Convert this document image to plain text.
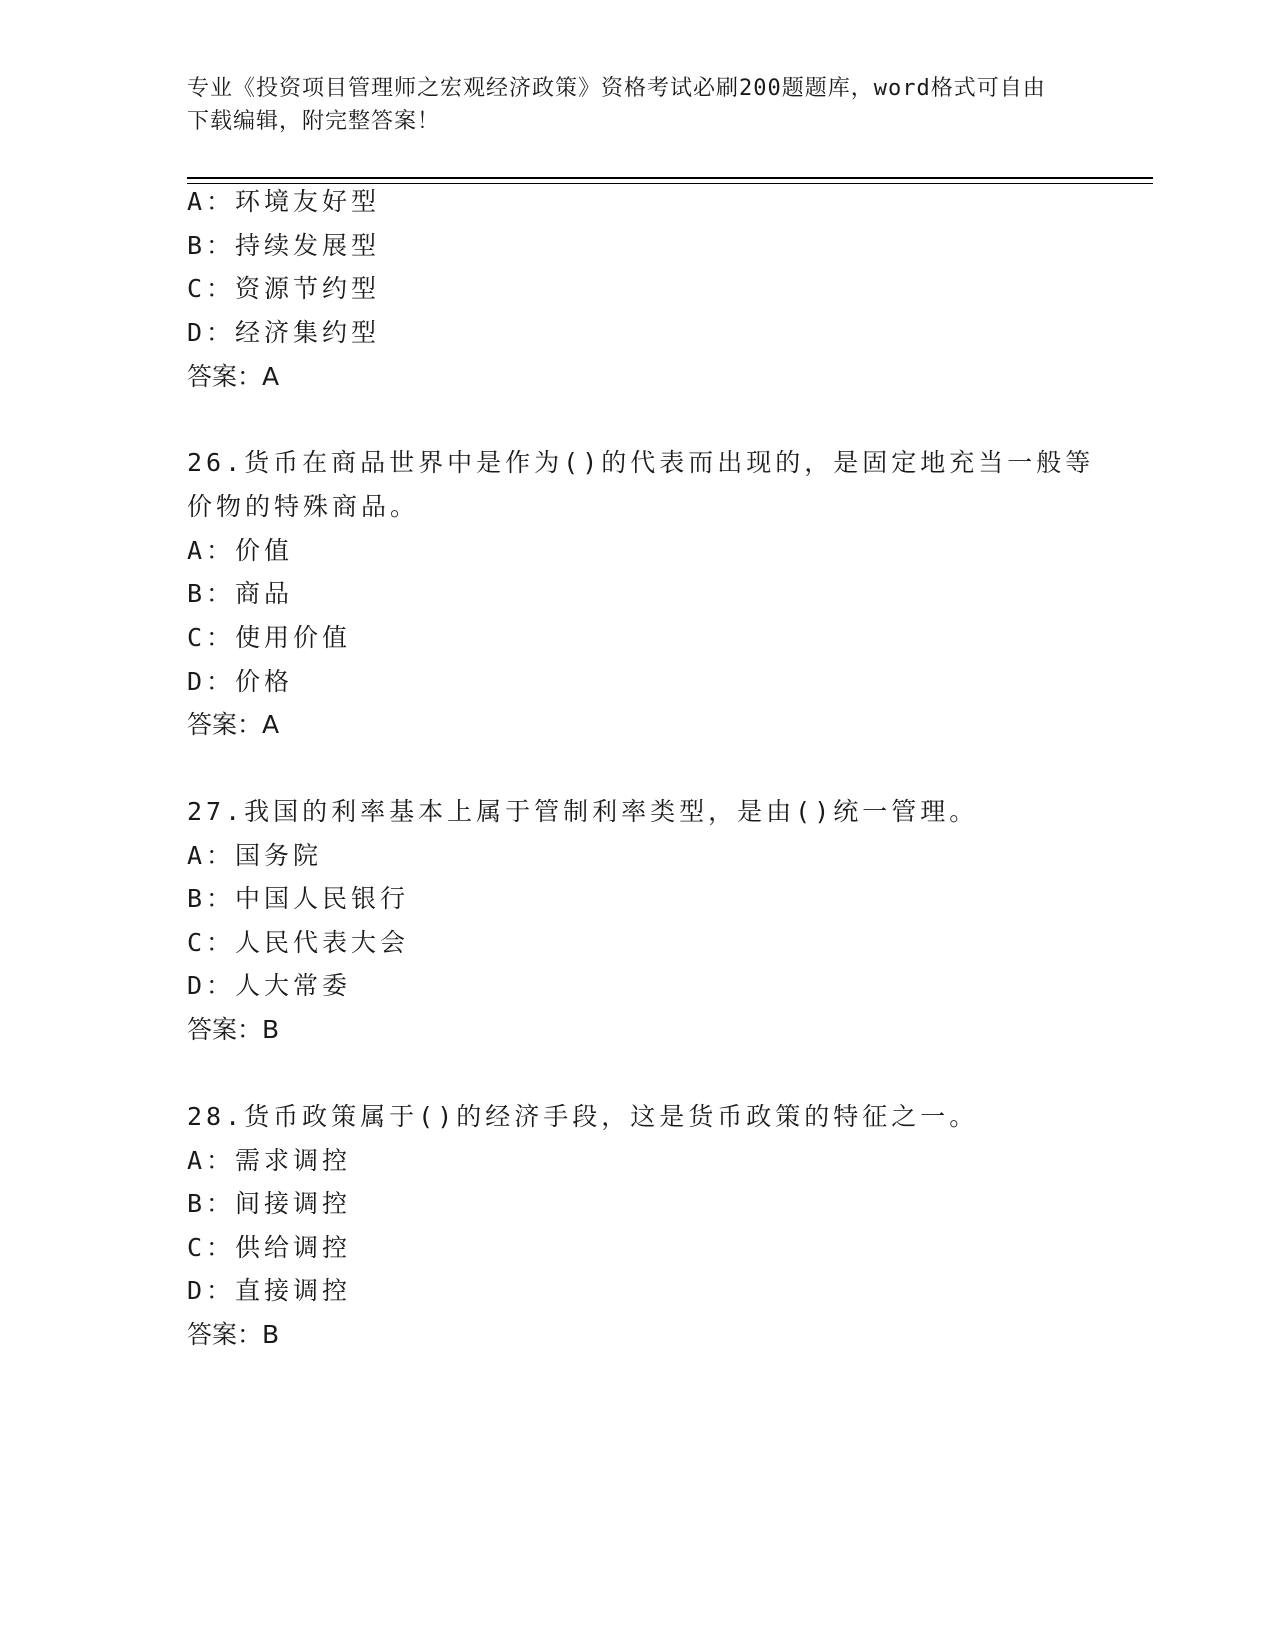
专业《投资项目管理师之宏观经济政策》资格考试必刷200题题库，word格式可自由下载编辑，附完整答案！
A：环境友好型
B：持续发展型
C：资源节约型
D：经济集约型
答案：A
26.货币在商品世界中是作为()的代表而出现的，是固定地充当一般等
价物的特殊商品。
A：价值
B：商品
C：使用价值
D：价格
答案：A
27.我国的利率基本上属于管制利率类型，是由()统一管理。
A：国务院
B：中国人民银行
C：人民代表大会
D：人大常委
答案：B
28.货币政策属于()的经济手段，这是货币政策的特征之一。
A：需求调控
B：间接调控
C：供给调控
D：直接调控
答案：B
